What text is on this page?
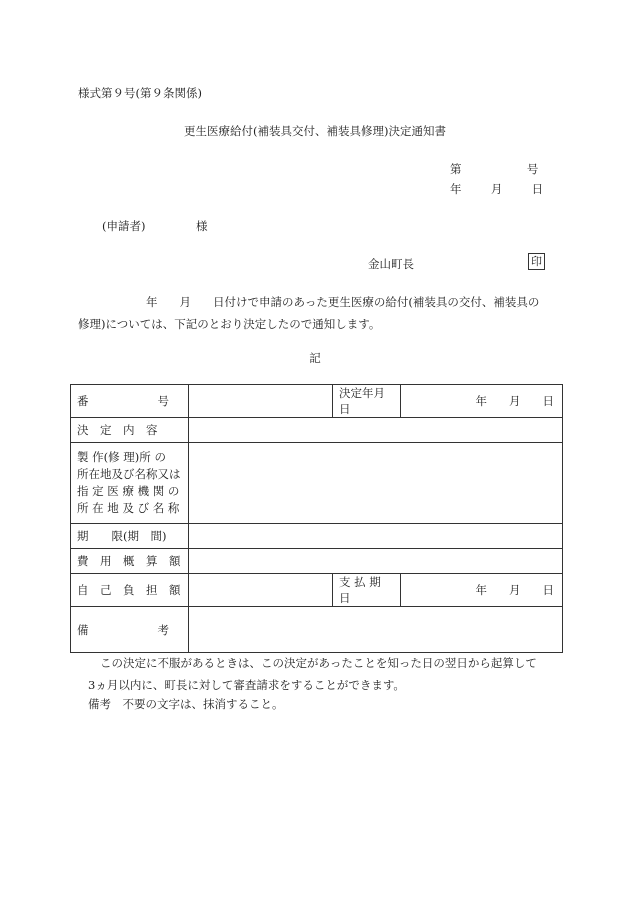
様式第９号(第９条関係)
更生医療給付(補装具交付、補装具修理)決定通知書
第	号
年	月	日
(申請者)	様
金山町長	印
年 月 日付けで申請のあった更生医療の給付(補装具の交付、補装具の
修理)については、下記のとおり決定したので通知します。
記
番　　　　　　号		決定年月日	年 月 日

決　定　内　容			

製 作(修 理)所 の
所在地及び名称又は
指 定 医 療 機 関 の
所 在 地 及 び 名 称			

期　　限(期　間)			
費　用　概　算　額			
自　己　負　担　額		支 払 期 日	年 月 日

備　　　　　　考			
この決定に不服があるときは、この決定があったことを知った日の翌日から起算して
3ヵ月以内に、町長に対して審査請求をすることができます。
備考　不要の文字は、抹消すること。
